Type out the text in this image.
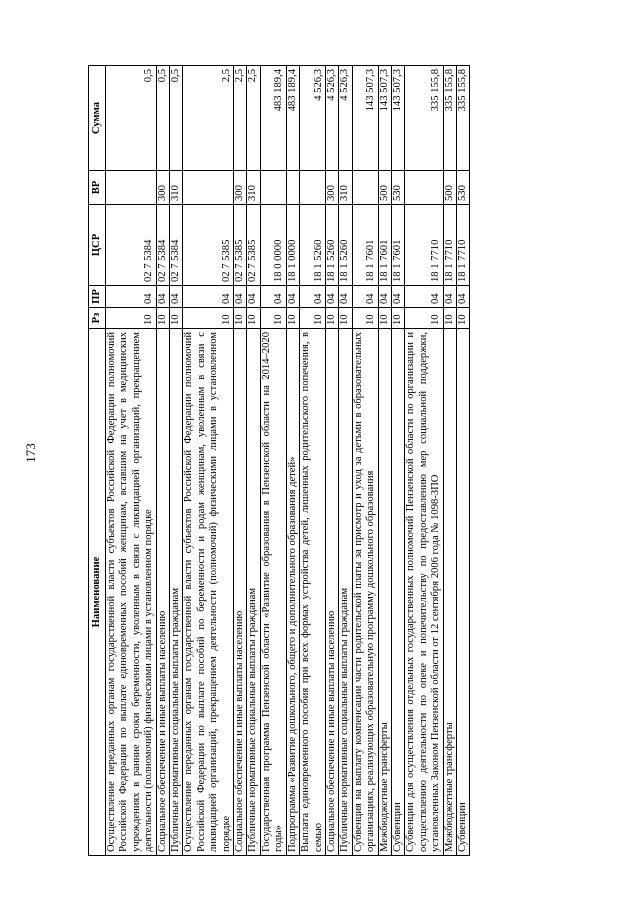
173
Наименование	Рз	ПР	ЦСР	ВР	Сумма
Осуществление переданных органам государственной власти субъектов Российской Федерации полномочий Российской Федерации по выплате единовременных пособий женщинам, вставшим на учет в медицинских учреждениях в ранние сроки беременности, уволенным в связи с ликвидацией организаций, прекращением деятельности (полномочий) физическими лицами в установленном порядке	10	04	02 7 5384		0,5
Социальное обеспечение и иные выплаты населению	10	04	02 7 5384	300	0,5
Публичные нормативные социальные выплаты гражданам	10	04	02 7 5384	310	0,5
Осуществление переданных органам государственной власти субъектов Российской Федерации полномочий Российской Федерации по выплате пособий по беременности и родам женщинам, уволенным в связи с ликвидацией организаций, прекращением деятельности (полномочий) физическими лицами в установленном порядке	10	04	02 7 5385		2,5
Социальное обеспечение и иные выплаты населению	10	04	02 7 5385	300	2,5
Публичные нормативные социальные выплаты гражданам	10	04	02 7 5385	310	2,5
Государственная программа Пензенской области «Развитие образования в Пензенской области на 2014–2020 годы»	10	04	18 0 0000		483 189,4
Подпрограмма «Развитие дошкольного, общего и дополнительного образования детей»	10	04	18 1 0000		483 189,4
Выплата единовременного пособия при всех формах устройства детей, лишенных родительского попечения, в семью	10	04	18 1 5260		4 526,3
Социальное обеспечение и иные выплаты населению	10	04	18 1 5260	300	4 526,3
Публичные нормативные социальные выплаты гражданам	10	04	18 1 5260	310	4 526,3
Субвенция на выплату компенсации части родительской платы за присмотр и уход за детьми в образовательных организациях, реализующих образовательную программу дошкольного образования	10	04	18 1 7601		143 507,3
Межбюджетные трансферты	10	04	18 1 7601	500	143 507,3
Субвенции	10	04	18 1 7601	530	143 507,3
Субвенции для осуществления отдельных государственных полномочий Пензенской области по организации и осуществлению деятельности по опеке и попечительству по предоставлению мер социальной поддержки, установленных Законом Пензенской области от 12 сентября 2006 года № 1098-ЗПО	10	04	18 1 7710		335 155,8
Межбюджетные трансферты	10	04	18 1 7710	500	335 155,8
Субвенции	10	04	18 1 7710	530	335 155,8
